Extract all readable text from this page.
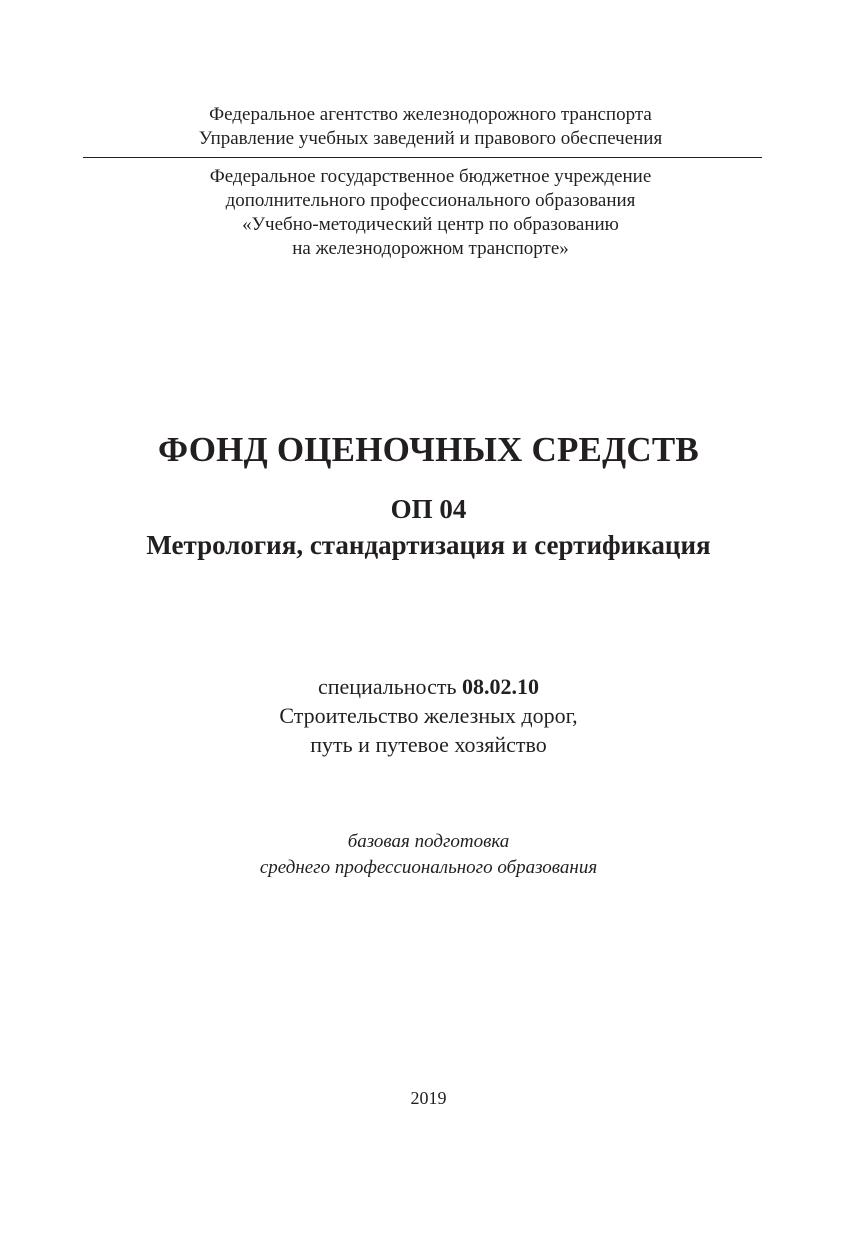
Федеральное агентство железнодорожного транспорта
Управление учебных заведений и правового обеспечения
Федеральное государственное бюджетное учреждение
дополнительного профессионального образования
«Учебно-методический центр по образованию
на железнодорожном транспорте»
ФОНД ОЦЕНОЧНЫХ СРЕДСТВ
ОП 04
Метрология, стандартизация и сертификация
специальность 08.02.10
Строительство железных дорог,
путь и путевое хозяйство
базовая подготовка
среднего профессионального образования
2019
